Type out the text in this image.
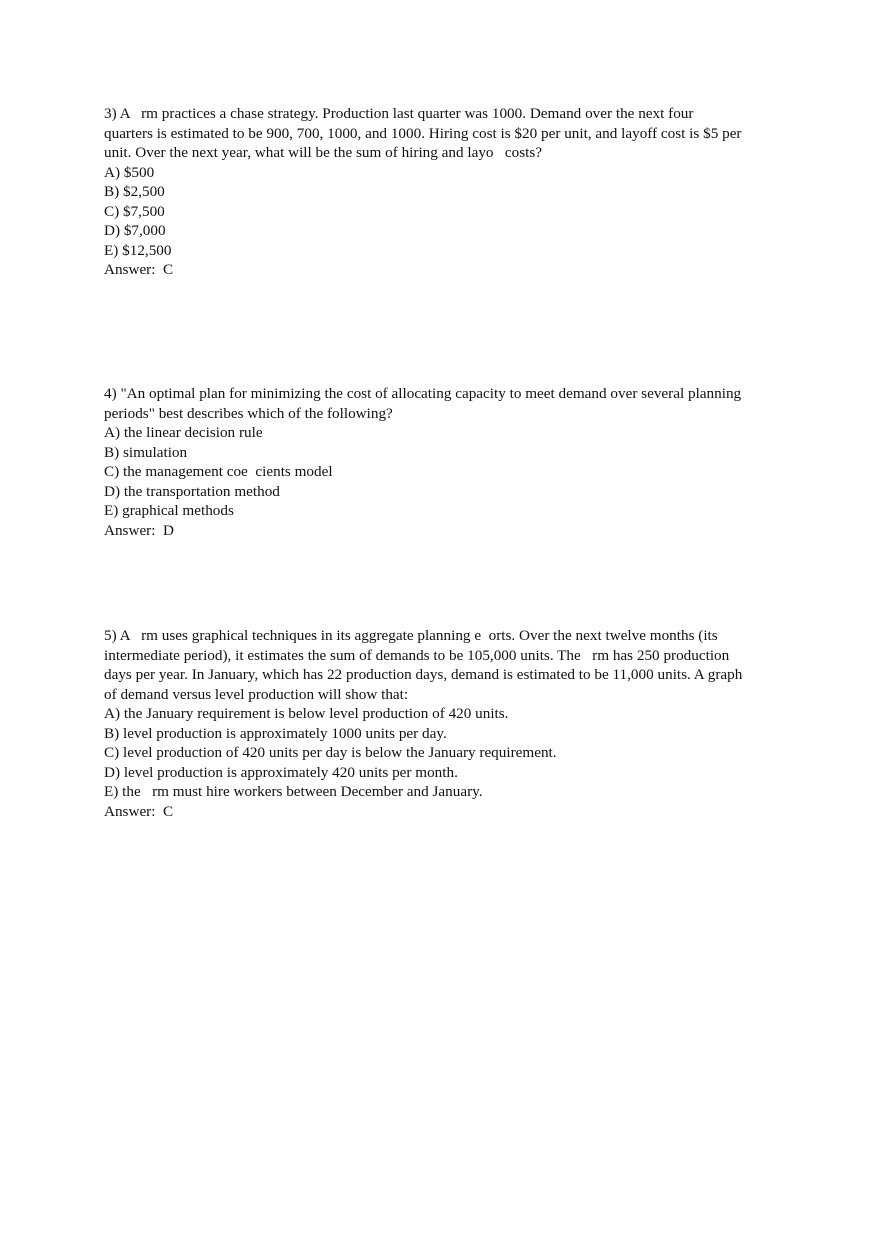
3) A   rm practices a chase strategy. Production last quarter was 1000. Demand over the next four
quarters is estimated to be 900, 700, 1000, and 1000. Hiring cost is $20 per unit, and layoff cost is $5 per
unit. Over the next year, what will be the sum of hiring and layo   costs?
A) $500
B) $2,500
C) $7,500
D) $7,000
E) $12,500
Answer:  C
4) "An optimal plan for minimizing the cost of allocating capacity to meet demand over several planning
periods" best describes which of the following?
A) the linear decision rule
B) simulation
C) the management coe  cients model
D) the transportation method
E) graphical methods
Answer:  D
5) A   rm uses graphical techniques in its aggregate planning e  orts. Over the next twelve months (its
intermediate period), it estimates the sum of demands to be 105,000 units. The   rm has 250 production
days per year. In January, which has 22 production days, demand is estimated to be 11,000 units. A graph
of demand versus level production will show that:
A) the January requirement is below level production of 420 units.
B) level production is approximately 1000 units per day.
C) level production of 420 units per day is below the January requirement.
D) level production is approximately 420 units per month.
E) the   rm must hire workers between December and January.
Answer:  C
